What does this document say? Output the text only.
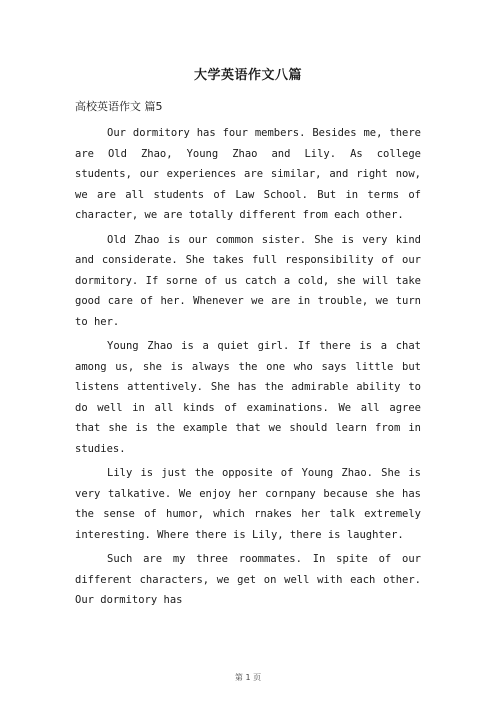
大学英语作文八篇
高校英语作文 篇5

Our dormitory has four members. Besides me, there are Old Zhao, Young Zhao and Lily. As college students, our experiences are similar, and right now, we are all students of Law School. But in terms of character, we are totally different from each other.

Old Zhao is our common sister. She is very kind and considerate. She takes full responsibility of our dormitory. If sorne of us catch a cold, she will take good care of her. Whenever we are in trouble, we turn to her.

Young Zhao is a quiet girl. If there is a chat among us, she is always the one who says little but listens attentively. She has the admirable ability to do well in all kinds of examinations. We all agree that she is the example that we should learn from in studies.

Lily is just the opposite of Young Zhao. She is very talkative. We enjoy her cornpany because she has the sense of humor, which rnakes her talk extremely interesting. Where there is Lily, there is laughter.

Such are my three roommates. In spite of our different characters, we get on well with each other. Our dormitory has

第 1 页
